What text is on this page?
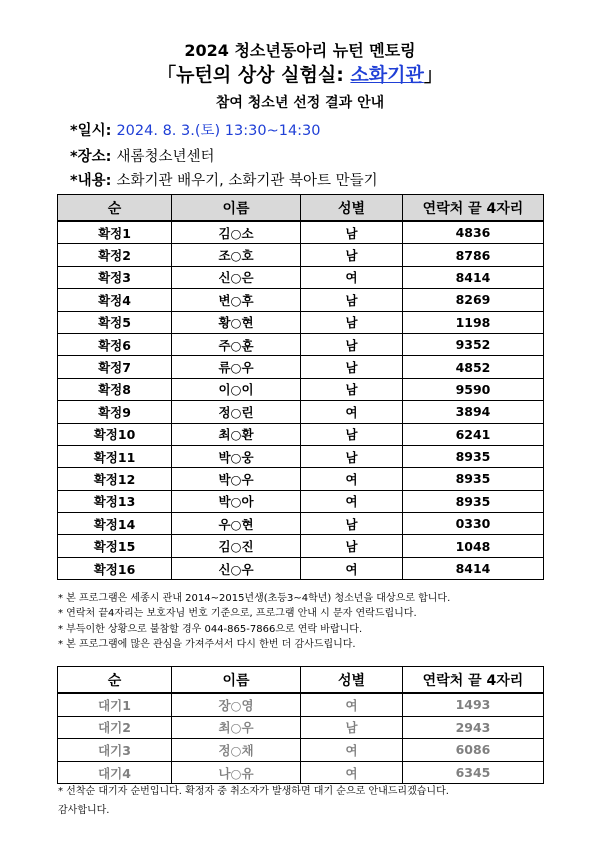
2024 청소년동아리 뉴턴 멘토링
「뉴턴의 상상 실험실: 소화기관」
참여 청소년 선정 결과 안내
*일시: 2024. 8. 3.(토) 13:30~14:30
*장소: 새롬청소년센터
*내용: 소화기관 배우기, 소화기관 북아트 만들기
순	이름	성별	연락처 끝 4자리
확정1	김○소	남	4836
확정2	조○호	남	8786
확정3	신○은	여	8414
확정4	변○후	남	8269
확정5	황○현	남	1198
확정6	주○훈	남	9352
확정7	류○우	남	4852
확정8	이○이	남	9590
확정9	정○린	여	3894
확정10	최○환	남	6241
확정11	박○웅	남	8935
확정12	박○우	여	8935
확정13	박○아	여	8935
확정14	우○현	남	0330
확정15	김○진	남	1048
확정16	신○우	여	8414
* 본 프로그램은 세종시 관내 2014~2015년생(초등3~4학년) 청소년을 대상으로 합니다.
* 연락처 끝4자리는 보호자님 번호 기준으로, 프로그램 안내 시 문자 연락드립니다.
* 부득이한 상황으로 불참할 경우 044-865-7866으로 연락 바랍니다.
* 본 프로그램에 많은 관심을 가져주셔서 다시 한번 더 감사드립니다.
순	이름	성별	연락처 끝 4자리
대기1	장○영	여	1493
대기2	최○우	남	2943
대기3	정○채	여	6086
대기4	나○유	여	6345
* 선착순 대기자 순번입니다. 확정자 중 취소자가 발생하면 대기 순으로 안내드리겠습니다.
감사합니다.
